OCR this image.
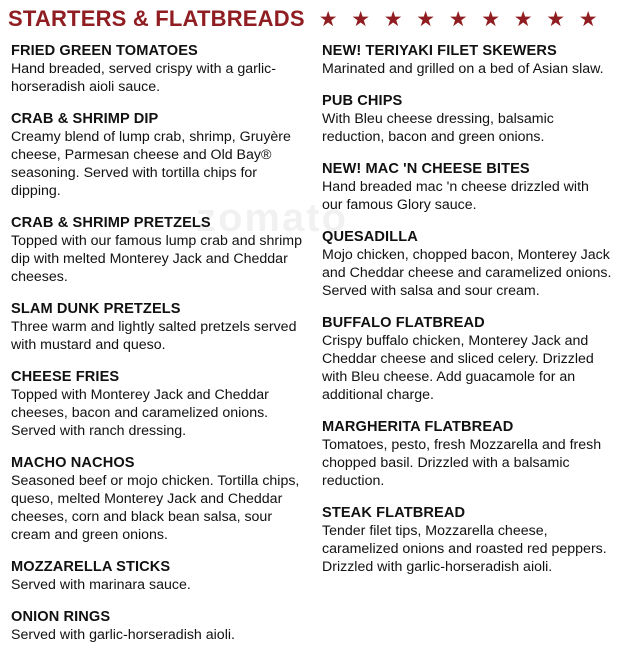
STARTERS & FLATBREADS ★ ★ ★ ★ ★ ★ ★ ★ ★
zomato
FRIED GREEN TOMATOES
Hand breaded, served crispy with a garlic-horseradish aioli sauce.
CRAB & SHRIMP DIP
Creamy blend of lump crab, shrimp, Gruyère cheese, Parmesan cheese and Old Bay® seasoning. Served with tortilla chips for dipping.
CRAB & SHRIMP PRETZELS
Topped with our famous lump crab and shrimp dip with melted Monterey Jack and Cheddar cheeses.
SLAM DUNK PRETZELS
Three warm and lightly salted pretzels served with mustard and queso.
CHEESE FRIES
Topped with Monterey Jack and Cheddar cheeses, bacon and caramelized onions. Served with ranch dressing.
MACHO NACHOS
Seasoned beef or mojo chicken. Tortilla chips, queso, melted Monterey Jack and Cheddar cheeses, corn and black bean salsa, sour cream and green onions.
MOZZARELLA STICKS
Served with marinara sauce.
ONION RINGS
Served with garlic-horseradish aioli.
NEW! TERIYAKI FILET SKEWERS
Marinated and grilled on a bed of Asian slaw.
PUB CHIPS
With Bleu cheese dressing, balsamic reduction, bacon and green onions.
NEW! MAC 'N CHEESE BITES
Hand breaded mac 'n cheese drizzled with our famous Glory sauce.
QUESADILLA
Mojo chicken, chopped bacon, Monterey Jack and Cheddar cheese and caramelized onions. Served with salsa and sour cream.
BUFFALO FLATBREAD
Crispy buffalo chicken, Monterey Jack and Cheddar cheese and sliced celery. Drizzled with Bleu cheese. Add guacamole for an additional charge.
MARGHERITA FLATBREAD
Tomatoes, pesto, fresh Mozzarella and fresh chopped basil. Drizzled with a balsamic reduction.
STEAK FLATBREAD
Tender filet tips, Mozzarella cheese, caramelized onions and roasted red peppers. Drizzled with garlic-horseradish aioli.
